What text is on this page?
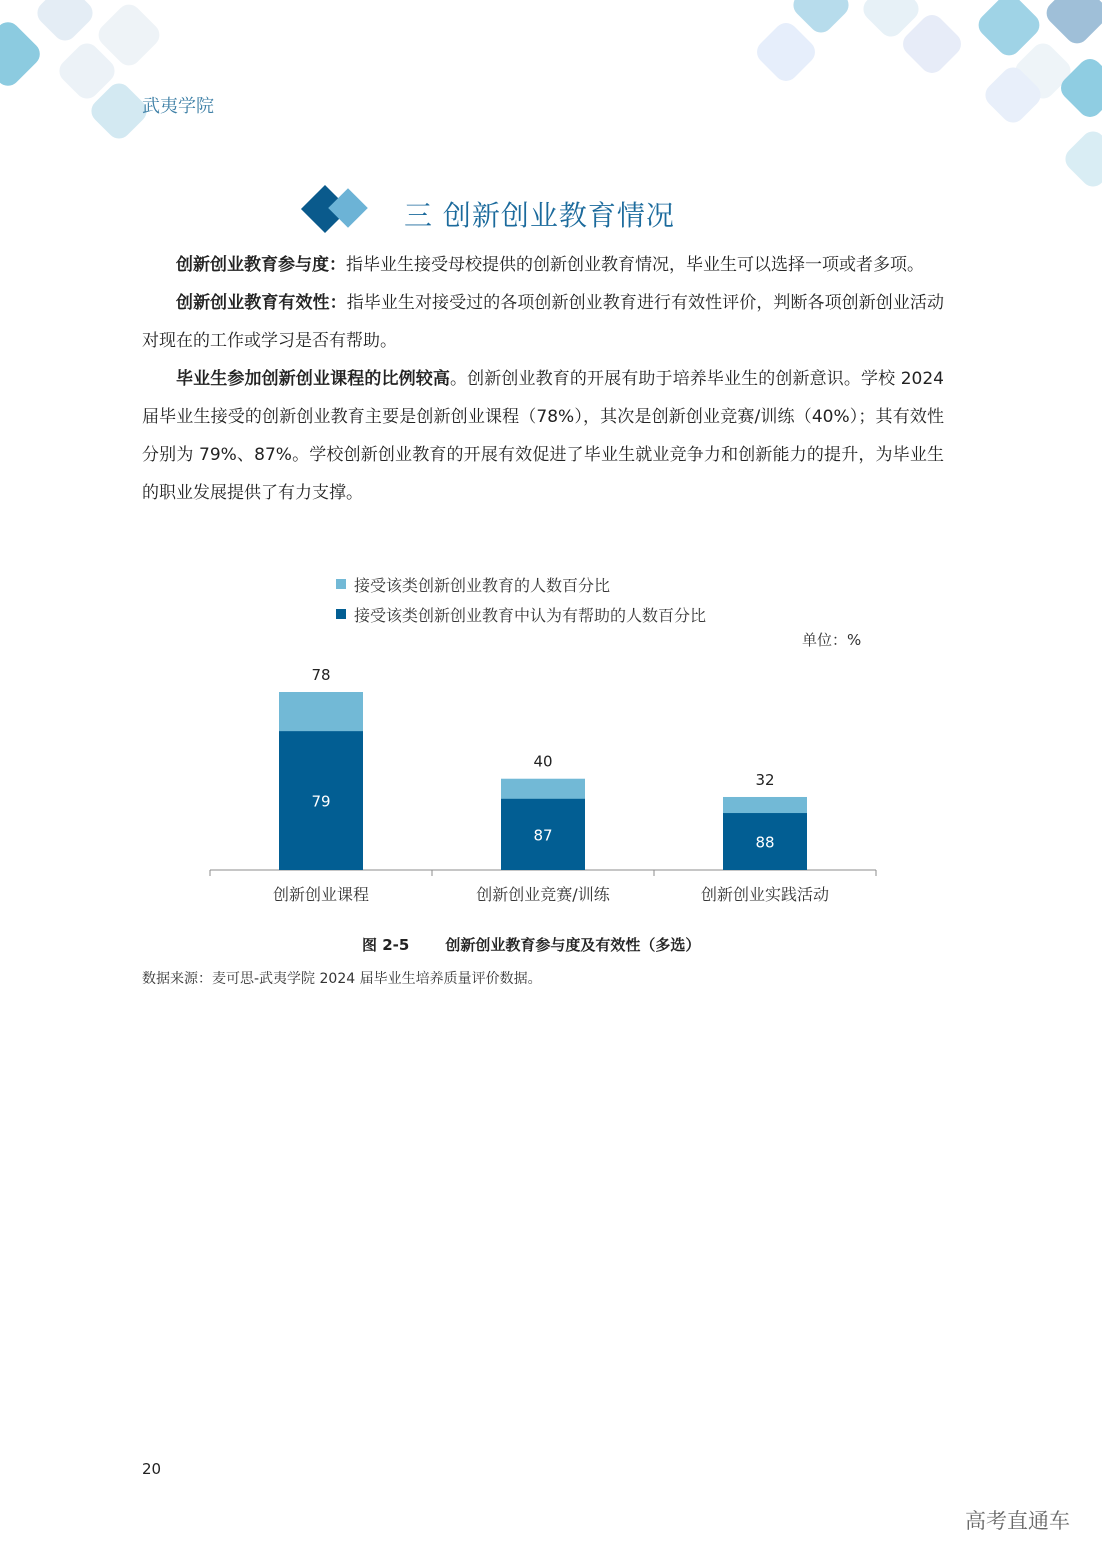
武夷学院
三 创新创业教育情况

创新创业教育参与度：指毕业生接受母校提供的创新创业教育情况，毕业生可以选择一项或者多项。

创新创业教育有效性：指毕业生对接受过的各项创新创业教育进行有效性评价，判断各项创新创业活动对现在的工作或学习是否有帮助。

毕业生参加创新创业课程的比例较高。创新创业教育的开展有助于培养毕业生的创新意识。学校 2024 届毕业生接受的创新创业教育主要是创新创业课程（78%），其次是创新创业竞赛/训练（40%）；其有效性分别为 79%、87%。学校创新创业教育的开展有效促进了毕业生就业竞争力和创新能力的提升，为毕业生的职业发展提供了有力支撑。

接受该类创新创业教育的人数百分比
接受该类创新创业教育中认为有帮助的人数百分比
单位：%
78
79
创新创业课程
40
87
创新创业竞赛/训练
32
88
创新创业实践活动
图 2-5 创新创业教育参与度及有效性（多选）
数据来源：麦可思-武夷学院 2024 届毕业生培养质量评价数据。
20
高考直通车
